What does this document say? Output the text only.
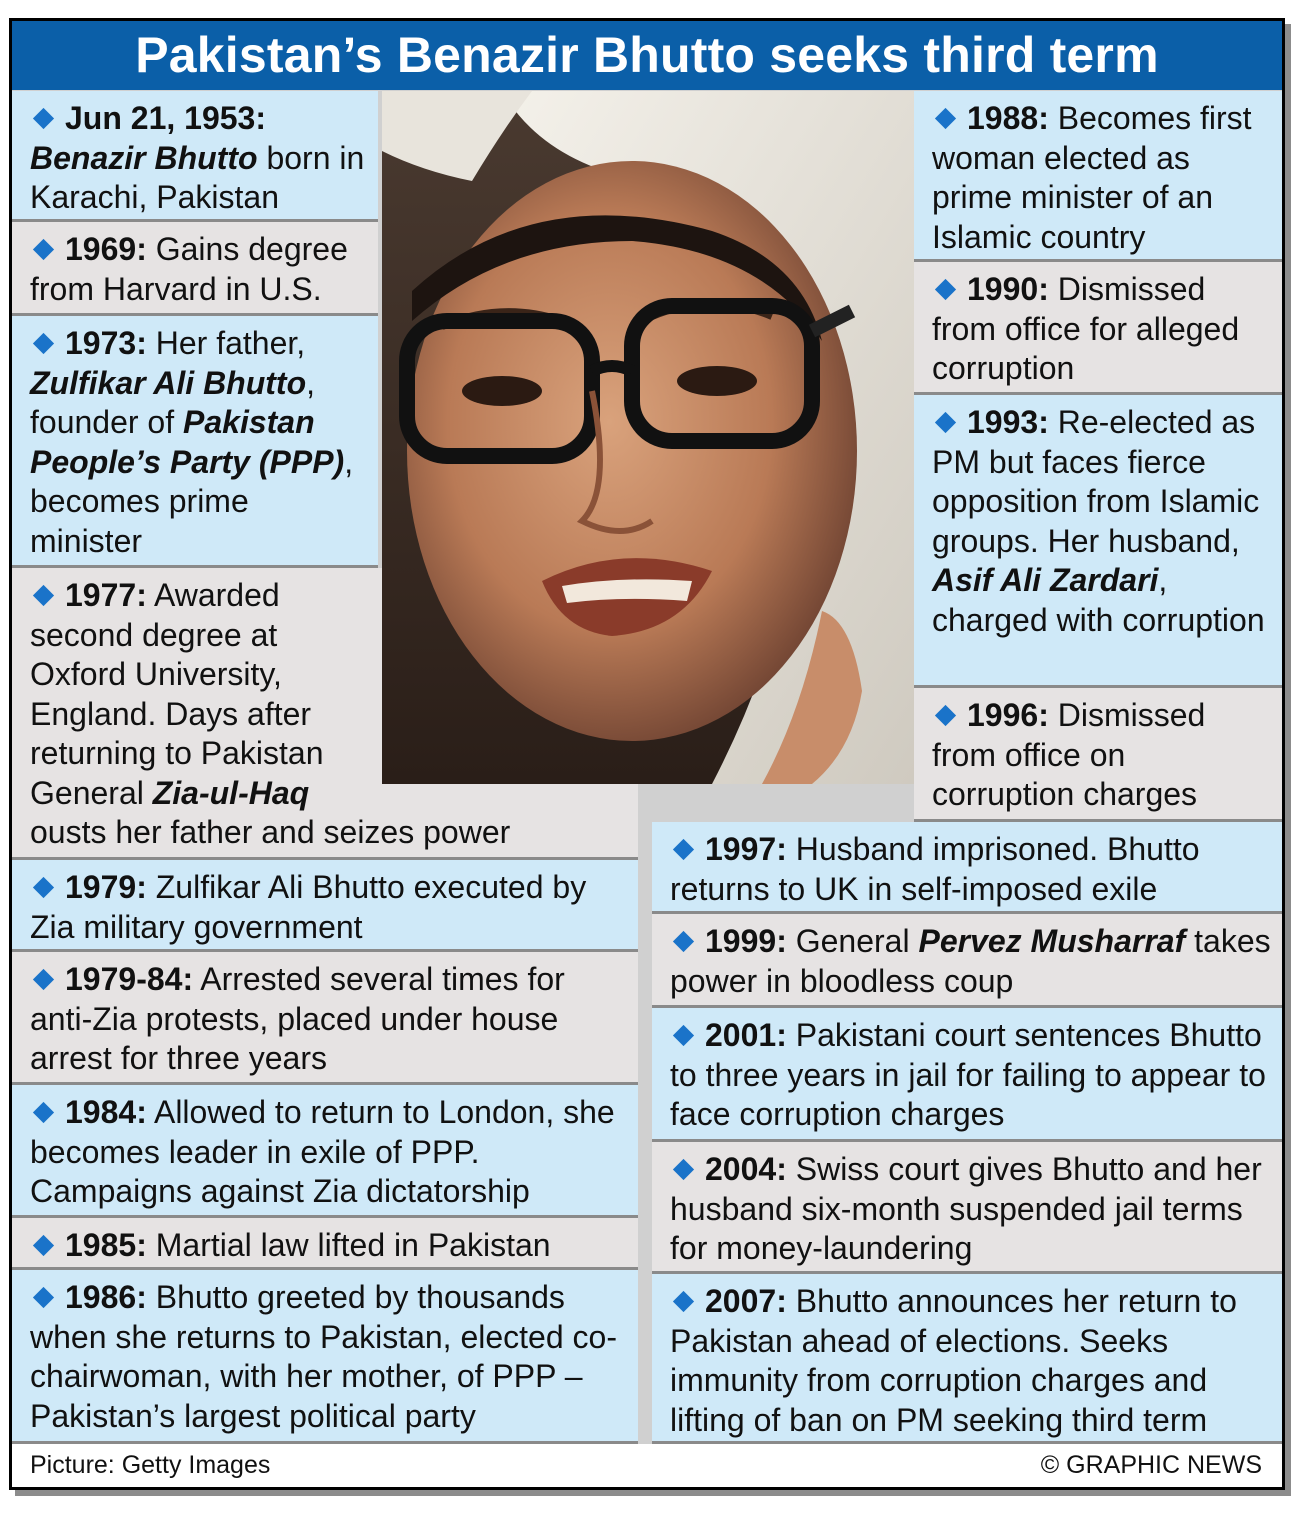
Pakistan’s Benazir Bhutto seeks third term
Jun 21, 1953: Benazir Bhutto born in Karachi, Pakistan
1969: Gains degree from Harvard in U.S.
1973: Her father, Zulfikar Ali Bhutto, founder of Pakistan People’s Party (PPP), becomes prime minister
1977: Awarded second degree at Oxford University, England. Days after returning to Pakistan General Zia-ul-Haq
ousts her father and seizes power
1979: Zulfikar Ali Bhutto executed by Zia military government
1979-84: Arrested several times for anti-Zia protests, placed under house arrest for three years
1984: Allowed to return to London, she becomes leader in exile of PPP. Campaigns against Zia dictatorship
1985: Martial law lifted in Pakistan
1986: Bhutto greeted by thousands when she returns to Pakistan, elected co-chairwoman, with her mother, of PPP – Pakistan’s largest political party
1988: Becomes first woman elected as prime minister of an Islamic country
1990: Dismissed from office for alleged corruption
1993: Re-elected as PM but faces fierce opposition from Islamic groups. Her husband, Asif Ali Zardari, charged with corruption
1996: Dismissed from office on corruption charges
1997: Husband imprisoned. Bhutto returns to UK in self-imposed exile
1999: General Pervez Musharraf takes power in bloodless coup
2001: Pakistani court sentences Bhutto to three years in jail for failing to appear to face corruption charges
2004: Swiss court gives Bhutto and her husband six-month suspended jail terms for money-laundering
2007: Bhutto announces her return to Pakistan ahead of elections. Seeks immunity from corruption charges and lifting of ban on PM seeking third term
Picture: Getty Images	© GRAPHIC NEWS
